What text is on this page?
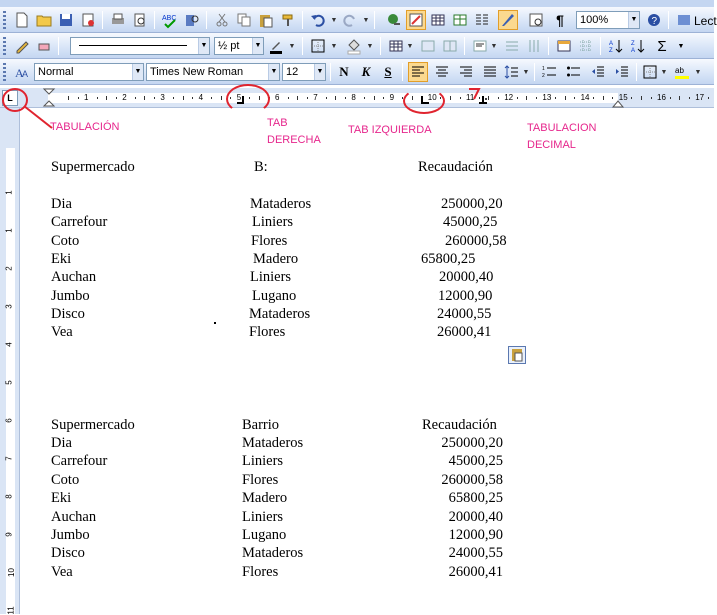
ABC	▼	▼	¶	100%	▼ ?	Lect
▼ ½ pt	▼	▼	▼	▼	▼	▼	A
Z
Z
A Σ ▼
A
A Normal	▼ Times New Roman	▼ 12	▼	N K	S	▼	1
2
▼ ab ▼
L	1	2	3	4	5	6	7	8	9	10	11	12	13	14	15	16	17
1
1
2
3
4
5
6
7
8
9
10
11
Supermercado	B:	Recaudación
Dia	Mataderos	250000,20
Carrefour	Liniers	45000,25
Coto	Flores	260000,58
Eki	Madero	65800,25
Auchan	Liniers	20000,40
Jumbo	Lugano	12000,90
Disco	Mataderos	24000,55
Vea	Flores	26000,41
Supermercado	Barrio	Recaudación
Dia	Mataderos	250000,20
Carrefour	Liniers	45000,25
Coto	Flores	260000,58
Eki	Madero	65800,25
Auchan	Liniers	20000,40
Jumbo	Lugano	12000,90
Disco	Mataderos	24000,55
Vea	Flores	26000,41
TABULACIÓN	TAB
DERECHA
TAB IZQUIERDA	TABULACION
DECIMAL
